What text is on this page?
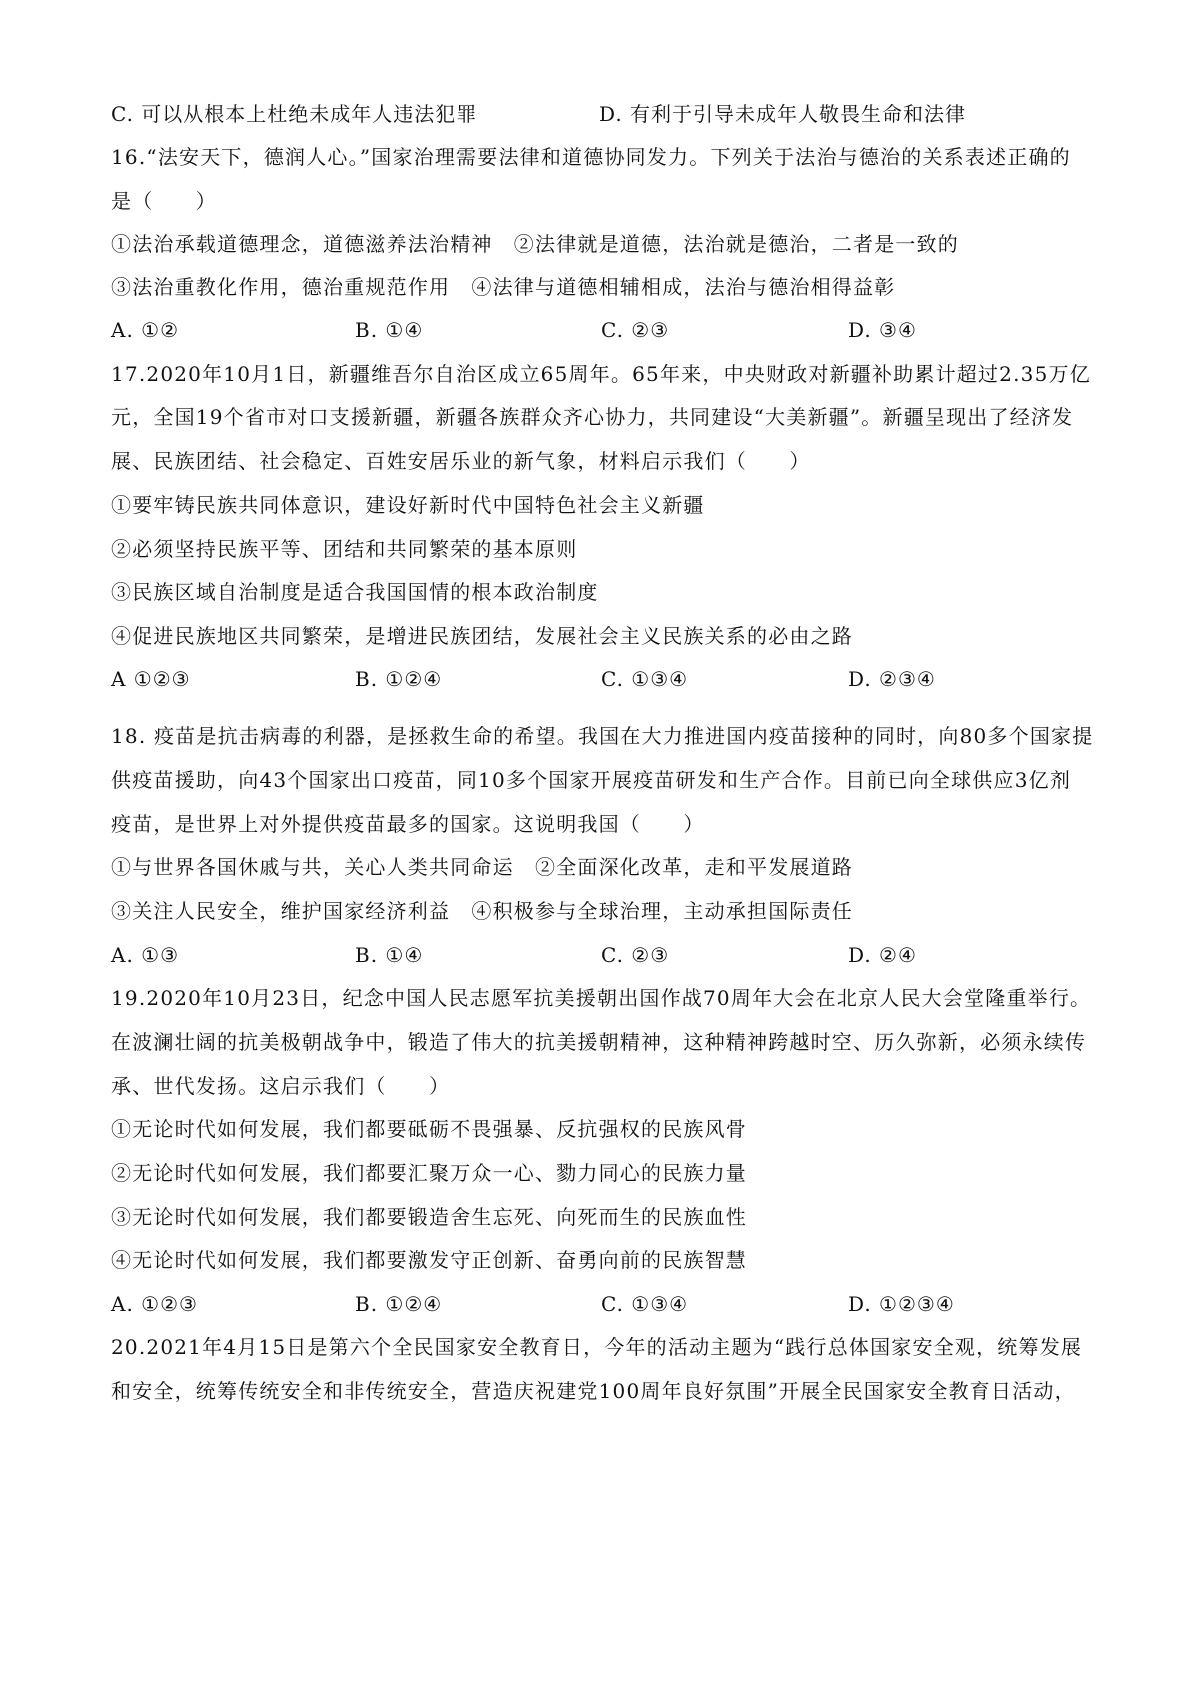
C. 可以从根本上杜绝未成年人违法犯罪	D. 有利于引导未成年人敬畏生命和法律
16.“法安天下，德润人心。”国家治理需要法律和道德协同发力。下列关于法治与德治的关系表述正确的
是（　　）
①法治承载道德理念，道德滋养法治精神　②法律就是道德，法治就是德治，二者是一致的
③法治重教化作用，德治重规范作用　④法律与道德相辅相成，法治与德治相得益彰
A. ①②	B. ①④	C. ②③	D. ③④
17.2020年10月1日，新疆维吾尔自治区成立65周年。65年来，中央财政对新疆补助累计超过2.35万亿
元，全国19个省市对口支援新疆，新疆各族群众齐心协力，共同建设“大美新疆”。新疆呈现出了经济发
展、民族团结、社会稳定、百姓安居乐业的新气象，材料启示我们（　　）
①要牢铸民族共同体意识，建设好新时代中国特色社会主义新疆
②必须坚持民族平等、团结和共同繁荣的基本原则
③民族区域自治制度是适合我国国情的根本政治制度
④促进民族地区共同繁荣，是增进民族团结，发展社会主义民族关系的必由之路
A ①②③	B. ①②④	C. ①③④	D. ②③④
18. 疫苗是抗击病毒的利器，是拯救生命的希望。我国在大力推进国内疫苗接种的同时，向80多个国家提
供疫苗援助，向43个国家出口疫苗，同10多个国家开展疫苗研发和生产合作。目前已向全球供应3亿剂
疫苗，是世界上对外提供疫苗最多的国家。这说明我国（　　）
①与世界各国休戚与共，关心人类共同命运　②全面深化改革，走和平发展道路
③关注人民安全，维护国家经济利益　④积极参与全球治理，主动承担国际责任
A. ①③	B. ①④	C. ②③	D. ②④
19.2020年10月23日，纪念中国人民志愿军抗美援朝出国作战70周年大会在北京人民大会堂隆重举行。
在波澜壮阔的抗美极朝战争中，锻造了伟大的抗美援朝精神，这种精神跨越时空、历久弥新，必须永续传
承、世代发扬。这启示我们（　　）
①无论时代如何发展，我们都要砥砺不畏强暴、反抗强权的民族风骨
②无论时代如何发展，我们都要汇聚万众一心、勠力同心的民族力量
③无论时代如何发展，我们都要锻造舍生忘死、向死而生的民族血性
④无论时代如何发展，我们都要激发守正创新、奋勇向前的民族智慧
A. ①②③	B. ①②④	C. ①③④	D. ①②③④
20.2021年4月15日是第六个全民国家安全教育日，今年的活动主题为“践行总体国家安全观，统筹发展
和安全，统筹传统安全和非传统安全，营造庆祝建党100周年良好氛围”开展全民国家安全教育日活动，
